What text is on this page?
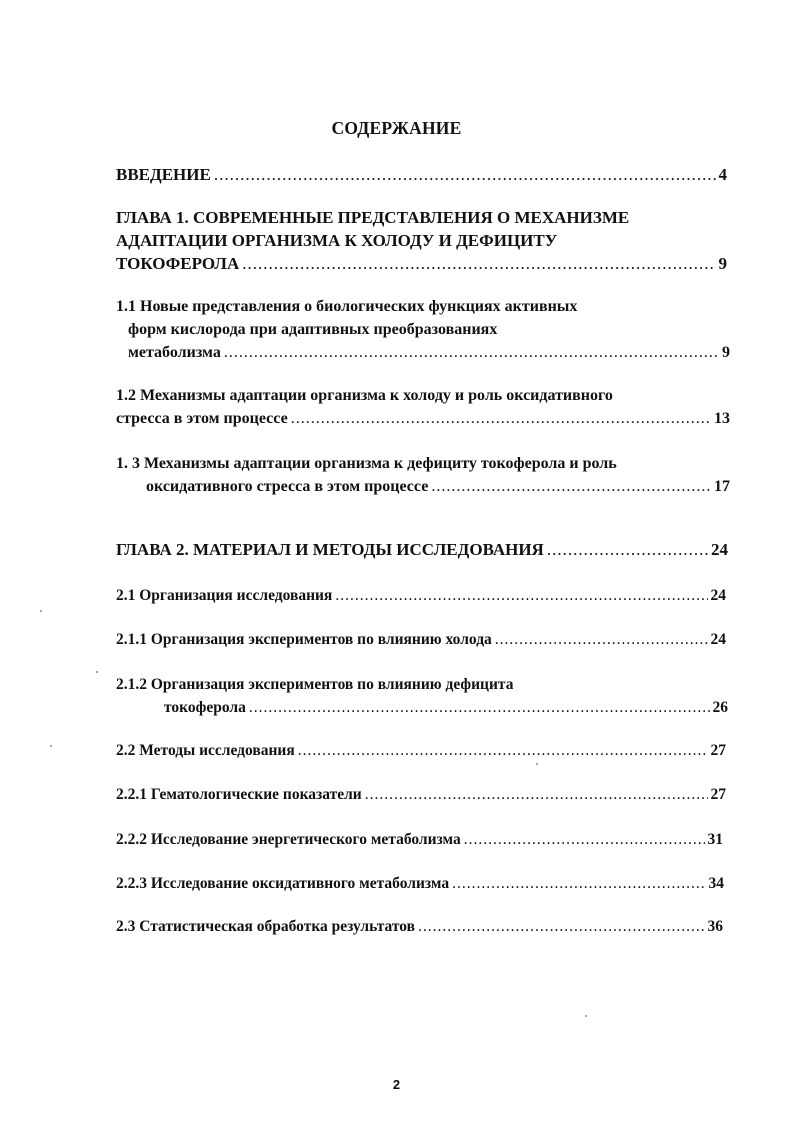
СОДЕРЖАНИЕ
ВВЕДЕНИЕ .....	4
ГЛАВА 1. СОВРЕМЕННЫЕ ПРЕДСТАВЛЕНИЯ О МЕХАНИЗМЕ
АДАПТАЦИИ ОРГАНИЗМА К ХОЛОДУ И ДЕФИЦИТУ
ТОКОФЕРОЛА .....	9
1.1 Новые представления о биологических функциях активных
форм кислорода при адаптивных преобразованиях
метаболизма .....	9
1.2 Механизмы адаптации организма к холоду и роль оксидативного
стресса в этом процессе .....	13
1. 3 Механизмы адаптации организма к дефициту токоферола и роль
оксидативного стресса в этом процессе .....	17
ГЛАВА 2. МАТЕРИАЛ И МЕТОДЫ ИССЛЕДОВАНИЯ .....	24
2.1 Организация исследования .....	24
2.1.1 Организация экспериментов по влиянию холода .....	24
2.1.2 Организация экспериментов по влиянию дефицита
токоферола .....	26
2.2 Методы исследования .....	27
2.2.1 Гематологические показатели .....	27
2.2.2 Исследование энергетического метаболизма .....	31
2.2.3 Исследование оксидативного метаболизма .....	34
2.3 Статистическая обработка результатов .....	36
2
